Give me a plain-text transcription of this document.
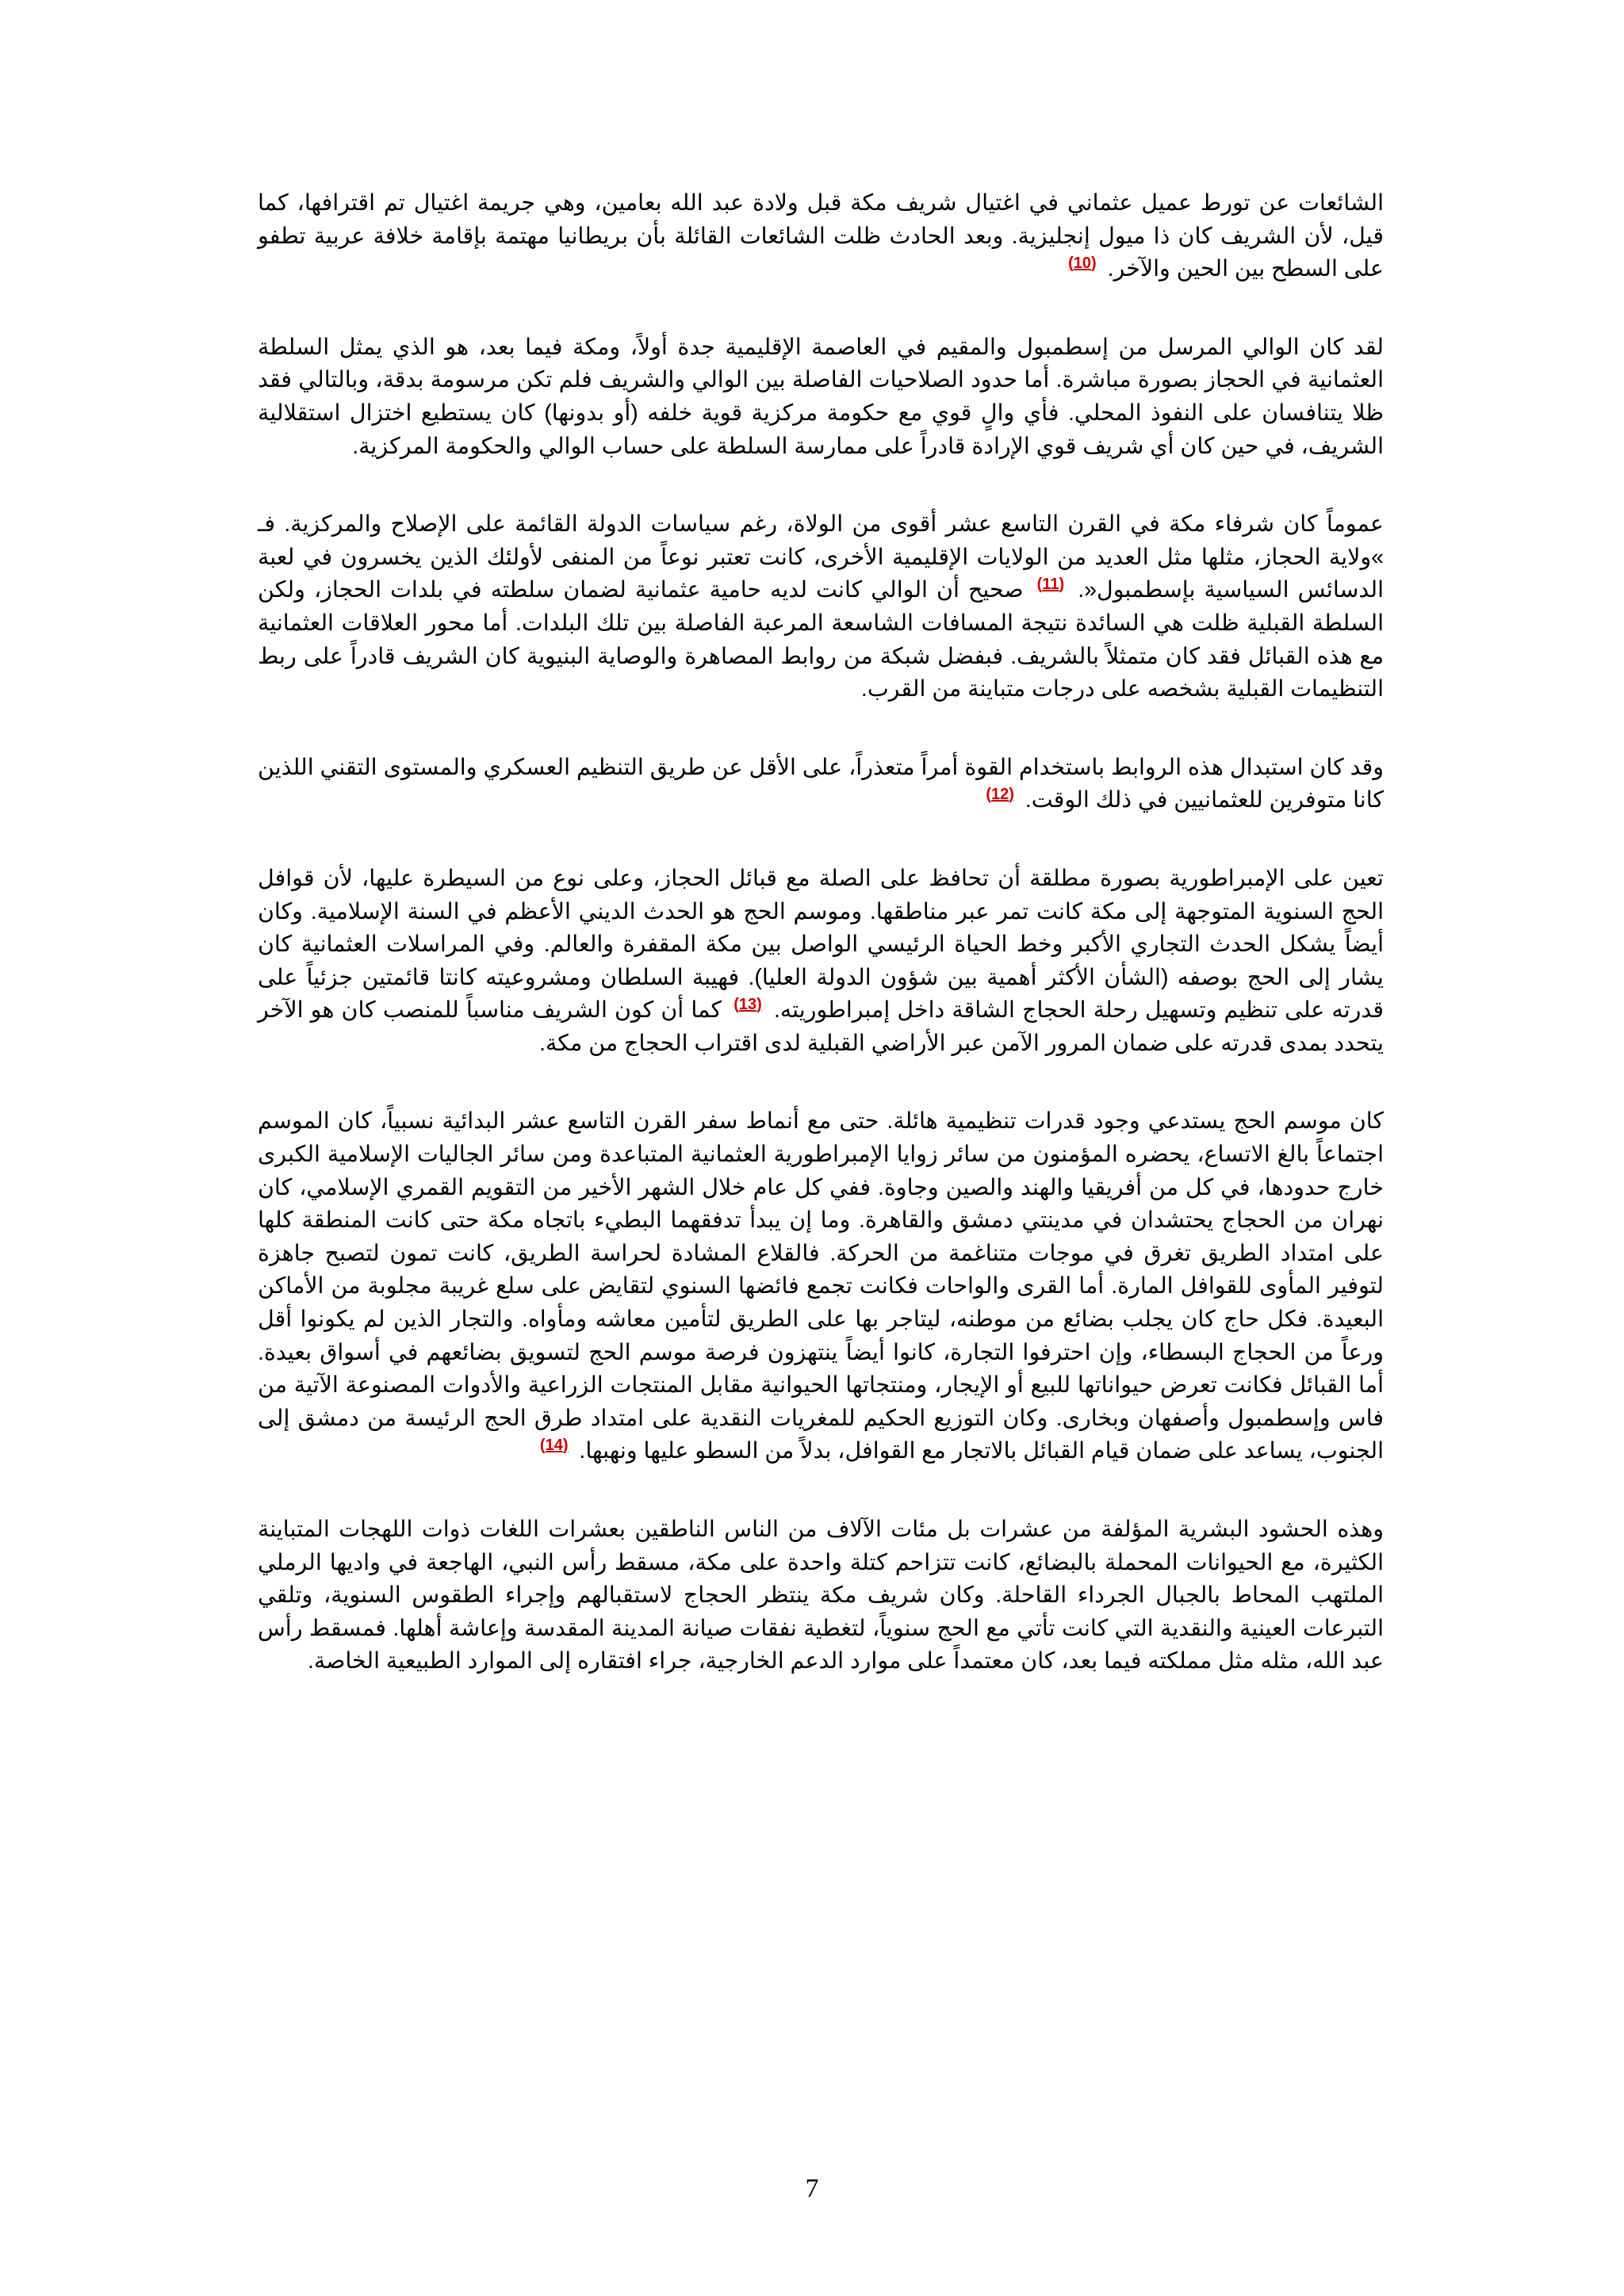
الشائعات عن تورط عميل عثماني في اغتيال شريف مكة قبل ولادة عبد الله بعامين، وهي جريمة اغتيال تم اقترافها، كما قيل، لأن الشريف كان ذا ميول إنجليزية. وبعد الحادث ظلت الشائعات القائلة بأن بريطانيا مهتمة بإقامة خلافة عربية تطفو على السطح بين الحين والآخر. $^{(10)}$

لقد كان الوالي المرسل من إسطمبول والمقيم في العاصمة الإقليمية جدة أولاً، ومكة فيما بعد، هو الذي يمثل السلطة العثمانية في الحجاز بصورة مباشرة. أما حدود الصلاحيات الفاصلة بين الوالي والشريف فلم تكن مرسومة بدقة، وبالتالي فقد ظلا يتنافسان على النفوذ المحلي. فأي والٍ قوي مع حكومة مركزية قوية خلفه (أو بدونها) كان يستطيع اختزال استقلالية الشريف، في حين كان أي شريف قوي الإرادة قادراً على ممارسة السلطة على حساب الوالي والحكومة المركزية.

عموماً كان شرفاء مكة في القرن التاسع عشر أقوى من الولاة، رغم سياسات الدولة القائمة على الإصلاح والمركزية. فـ »ولاية الحجاز، مثلها مثل العديد من الولايات الإقليمية الأخرى، كانت تعتبر نوعاً من المنفى لأولئك الذين يخسرون في لعبة الدسائس السياسية بإسطمبول«. $^{(11)}$ صحيح أن الوالي كانت لديه حامية عثمانية لضمان سلطته في بلدات الحجاز، ولكن السلطة القبلية ظلت هي السائدة نتيجة المسافات الشاسعة المرعبة الفاصلة بين تلك البلدات. أما محور العلاقات العثمانية مع هذه القبائل فقد كان متمثلاً بالشريف. فبفضل شبكة من روابط المصاهرة والوصاية البنيوية كان الشريف قادراً على ربط التنظيمات القبلية بشخصه على درجات متباينة من القرب.

وقد كان استبدال هذه الروابط باستخدام القوة أمراً متعذراً، على الأقل عن طريق التنظيم العسكري والمستوى التقني اللذين كانا متوفرين للعثمانيين في ذلك الوقت. $^{(12)}$

تعين على الإمبراطورية بصورة مطلقة أن تحافظ على الصلة مع قبائل الحجاز، وعلى نوع من السيطرة عليها، لأن قوافل الحج السنوية المتوجهة إلى مكة كانت تمر عبر مناطقها. وموسم الحج هو الحدث الديني الأعظم في السنة الإسلامية. وكان أيضاً يشكل الحدث التجاري الأكبر وخط الحياة الرئيسي الواصل بين مكة المقفرة والعالم. وفي المراسلات العثمانية كان يشار إلى الحج بوصفه (الشأن الأكثر أهمية بين شؤون الدولة العليا). فهيبة السلطان ومشروعيته كانتا قائمتين جزئياً على قدرته على تنظيم وتسهيل رحلة الحجاج الشاقة داخل إمبراطوريته. $^{(13)}$ كما أن كون الشريف مناسباً للمنصب كان هو الآخر يتحدد بمدى قدرته على ضمان المرور الآمن عبر الأراضي القبلية لدى اقتراب الحجاج من مكة.

كان موسم الحج يستدعي وجود قدرات تنظيمية هائلة. حتى مع أنماط سفر القرن التاسع عشر البدائية نسبياً، كان الموسم اجتماعاً بالغ الاتساع، يحضره المؤمنون من سائر زوايا الإمبراطورية العثمانية المتباعدة ومن سائر الجاليات الإسلامية الكبرى خارج حدودها، في كل من أفريقيا والهند والصين وجاوة. ففي كل عام خلال الشهر الأخير من التقويم القمري الإسلامي، كان نهران من الحجاج يحتشدان في مدينتي دمشق والقاهرة. وما إن يبدأ تدفقهما البطيء باتجاه مكة حتى كانت المنطقة كلها على امتداد الطريق تغرق في موجات متناغمة من الحركة. فالقلاع المشادة لحراسة الطريق، كانت تمون لتصبح جاهزة لتوفير المأوى للقوافل المارة. أما القرى والواحات فكانت تجمع فائضها السنوي لتقايض على سلع غريبة مجلوبة من الأماكن البعيدة. فكل حاج كان يجلب بضائع من موطنه، ليتاجر بها على الطريق لتأمين معاشه ومأواه. والتجار الذين لم يكونوا أقل ورعاً من الحجاج البسطاء، وإن احترفوا التجارة، كانوا أيضاً ينتهزون فرصة موسم الحج لتسويق بضائعهم في أسواق بعيدة. أما القبائل فكانت تعرض حيواناتها للبيع أو الإيجار، ومنتجاتها الحيوانية مقابل المنتجات الزراعية والأدوات المصنوعة الآتية من فاس وإسطمبول وأصفهان وبخارى. وكان التوزيع الحكيم للمغريات النقدية على امتداد طرق الحج الرئيسة من دمشق إلى الجنوب، يساعد على ضمان قيام القبائل بالاتجار مع القوافل، بدلاً من السطو عليها ونهبها. $^{(14)}$

وهذه الحشود البشرية المؤلفة من عشرات بل مئات الآلاف من الناس الناطقين بعشرات اللغات ذوات اللهجات المتباينة الكثيرة، مع الحيوانات المحملة بالبضائع، كانت تتزاحم كتلة واحدة على مكة، مسقط رأس النبي، الهاجعة في واديها الرملي الملتهب المحاط بالجبال الجرداء القاحلة. وكان شريف مكة ينتظر الحجاج لاستقبالهم وإجراء الطقوس السنوية، وتلقي التبرعات العينية والنقدية التي كانت تأتي مع الحج سنوياً، لتغطية نفقات صيانة المدينة المقدسة وإعاشة أهلها. فمسقط رأس عبد الله، مثله مثل مملكته فيما بعد، كان معتمداً على موارد الدعم الخارجية، جراء افتقاره إلى الموارد الطبيعية الخاصة.

7
